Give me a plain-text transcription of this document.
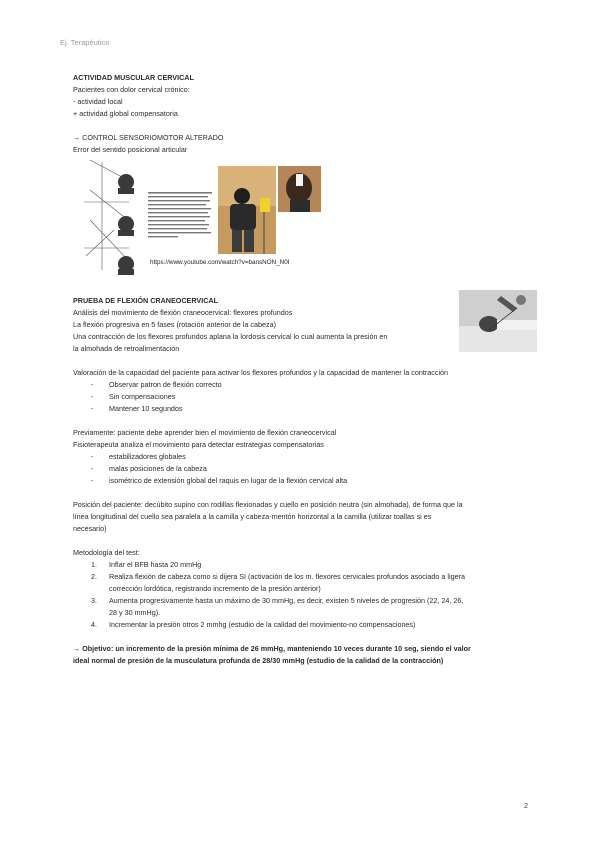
Ej. Terapéutico

ACTIVIDAD MUSCULAR CERVICAL

Pacientes con dolor cervical crónico:

- actividad local

+ actividad global compensatoria

→ CONTROL SENSORIOMOTOR ALTERADO

Error del sentido posicional articular

https://www.youtube.com/watch?v=bansNON_N0I

PRUEBA DE FLEXIÓN CRANEOCERVICAL

Análisis del movimiento de flexión craneocervical: flexores profundos

La flexión progresiva en 5 fases (rotación anterior de la cabeza)

Una contracción de los flexores profundos aplana la lordosis cervical lo cual aumenta la presión en

la almohada de retroalimentación

Valoración de la capacidad del paciente para activar los flexores profundos y la capacidad de mantener la contracción

- Observar patron de flexión correcto
- Sin compensaciones
- Mantener 10 segundos

Previamente: paciente debe aprender bien el movimiento de flexión craneocervical

Fisioterapeuta analiza el movimiento para detectar estrategias compensatorias

- estabilizadores globales
- malas posiciones de la cabeza
- isométrico de extensión global del raquis en lugar de la flexión cervical alta

Posición del paciente: decúbito supino con rodillas flexionadas y cuello en posición neutra (sin almohada), de forma que la

línea longitudinal del cuello sea paralela a la camilla y cabeza-mentón horizontal a la camilla (utilizar toallas si es

necesario)

Metodología del test:

1. Inflar el BFB hasta 20 mmHg
2. Realiza flexión de cabeza como si dijera SI (activación de los m. flexores cervicales profundos asociado a ligera
corrección lordótica, registrando incremento de la presión anterior)
3. Aumenta progresivamente hasta un máximo de 30 mmHg, es decir, existen 5 niveles de progresión (22, 24, 26,
28 y 30 mmHg).
4. Incrementar la presión otros 2 mmhg (estudio de la calidad del movimiento-no compensaciones)

→ Objetivo: un incremento de la presión mínima de 26 mmHg, manteniendo 10 veces durante 10 seg, siendo el valor

ideal normal de presión de la musculatura profunda de 28/30 mmHg (estudio de la calidad de la contracción)

2
